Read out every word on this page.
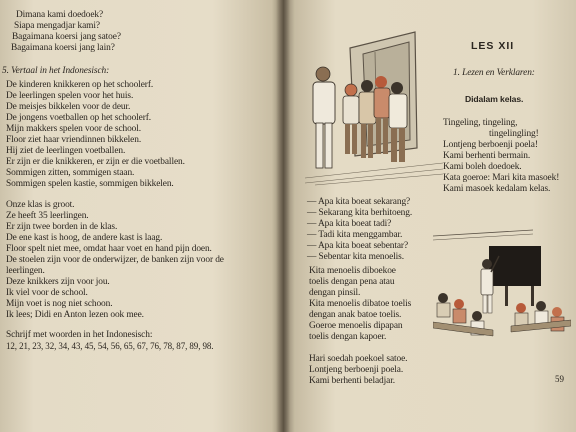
Dimana kami doedoek?
Siapa mengadjar kami?
Bagaimana koersi jang satoe?
Bagaimana koersi jang lain?
5. Vertaal in het Indonesisch:
De kinderen knikkeren op het schoolerf.
De leerlingen spelen voor het huis.
De meisjes bikkelen voor de deur.
De jongens voetballen op het schoolerf.
Mijn makkers spelen voor de school.
Floor ziet haar vriendinnen bikkelen.
Hij ziet de leerlingen voetballen.
Er zijn er die knikkeren, er zijn er die voetballen.
Sommigen zitten, sommigen staan.
Sommigen spelen kastie, sommigen bikkelen.
Onze klas is groot.
Ze heeft 35 leerlingen.
Er zijn twee borden in de klas.
De ene kast is hoog, de andere kast is laag.
Floor spelt niet mee, omdat haar voet en hand pijn doen.
De stoelen zijn voor de onderwijzer, de banken zijn voor de
leerlingen.
Deze knikkers zijn voor jou.
Ik viel voor de school.
Mijn voet is nog niet schoon.
Ik lees; Didi en Anton lezen ook mee.
Schrijf met woorden in het Indonesisch:
12, 21, 23, 32, 34, 43, 45, 54, 56, 65, 67, 76, 78, 87, 89, 98.
LES XII
1. Lezen en Verklaren:
Didalam kelas.
Tingeling, tingeling,
tingelingling!
Lontjeng berboenji poela!
Kami berhenti bermain.
Kami boleh doedoek.
Kata goeroe: Mari kita masoek!
Kami masoek kedalam kelas.
— Apa kita boeat sekarang?
— Sekarang kita berhitoeng.
— Apa kita boeat tadi?
— Tadi kita menggambar.
— Apa kita boeat sebentar?
— Sebentar kita menoelis.
Kita menoelis diboekoe
toelis dengan pena atau
dengan pinsil.
Kita menoelis dibatoe toelis
dengan anak batoe toelis.
Goeroe menoelis dipapan
toelis dengan kapoer.
Hari soedah poekoel satoe.
Lontjeng berboenji poela.
Kami berhenti beladjar.	59
